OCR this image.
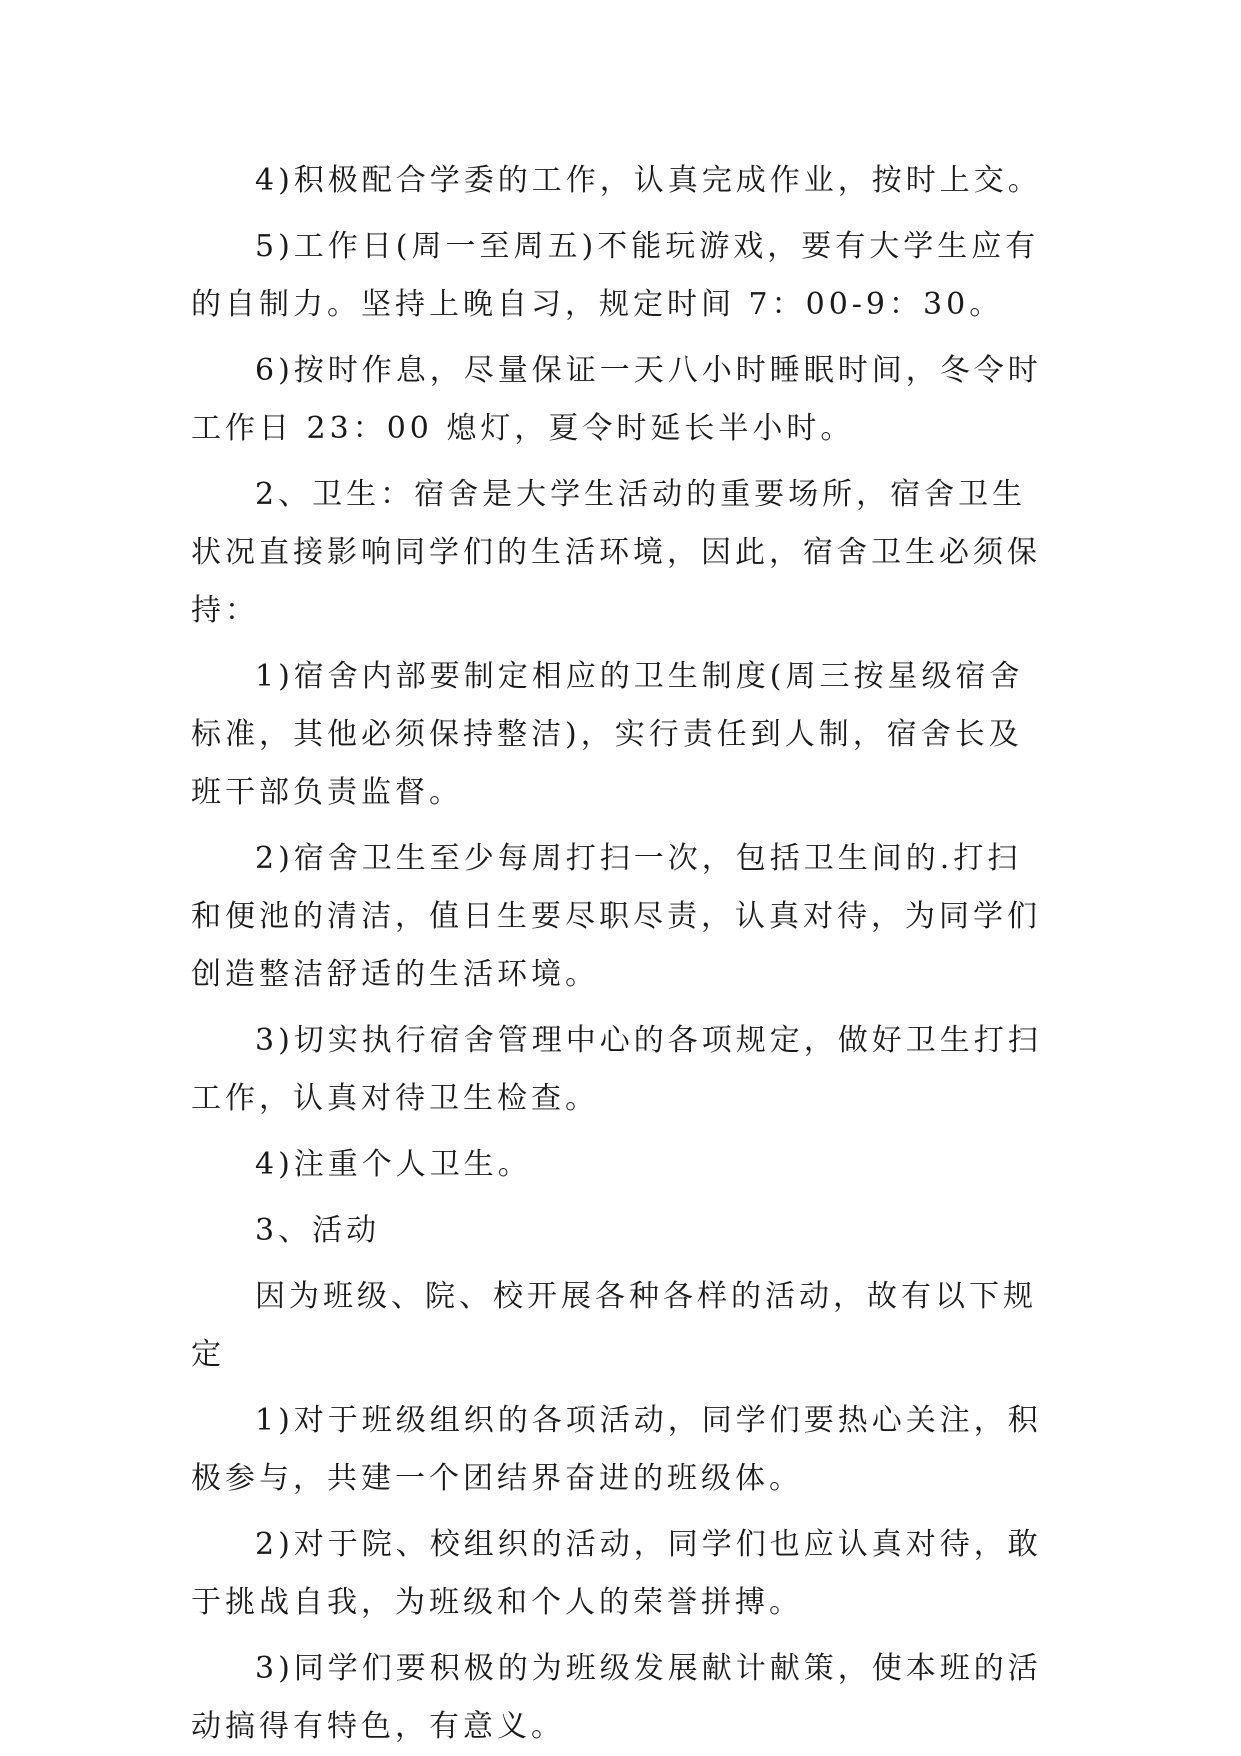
4)积极配合学委的工作，认真完成作业，按时上交。

5)工作日(周一至周五)不能玩游戏，要有大学生应有的自制力。坚持上晚自习，规定时间 7：00-9：30。

6)按时作息，尽量保证一天八小时睡眠时间，冬令时工作日 23：00 熄灯，夏令时延长半小时。

2、卫生：宿舍是大学生活动的重要场所，宿舍卫生状况直接影响同学们的生活环境，因此，宿舍卫生必须保持：

1)宿舍内部要制定相应的卫生制度(周三按星级宿舍标准，其他必须保持整洁)，实行责任到人制，宿舍长及班干部负责监督。

2)宿舍卫生至少每周打扫一次，包括卫生间的.打扫和便池的清洁，值日生要尽职尽责，认真对待，为同学们创造整洁舒适的生活环境。

3)切实执行宿舍管理中心的各项规定，做好卫生打扫工作，认真对待卫生检查。

4)注重个人卫生。

3、活动

因为班级、院、校开展各种各样的活动，故有以下规定

1)对于班级组织的各项活动，同学们要热心关注，积极参与，共建一个团结界奋进的班级体。

2)对于院、校组织的活动，同学们也应认真对待，敢于挑战自我，为班级和个人的荣誉拼搏。

3)同学们要积极的为班级发展献计献策，使本班的活动搞得有特色，有意义。
